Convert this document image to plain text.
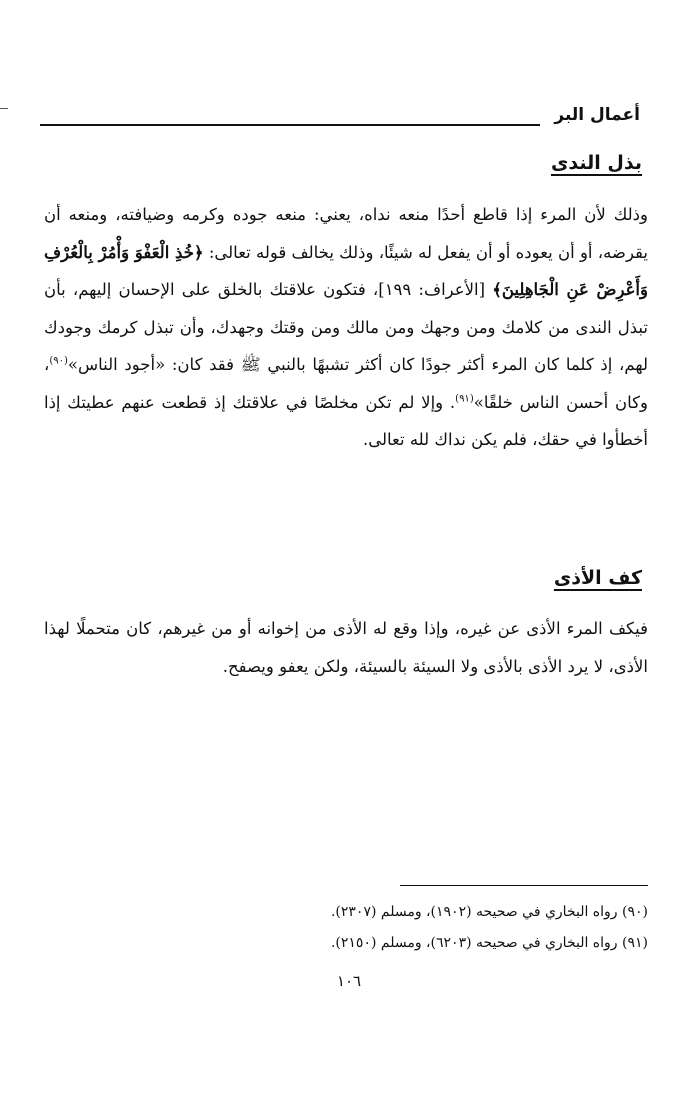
أعمال البر
بذل الندى

وذلك لأن المرء إذا قاطع أحدًا منعه نداه، يعني: منعه جوده وكرمه وضيافته، ومنعه أن يقرضه، أو أن يعوده أو أن يفعل له شيئًا، وذلك يخالف قوله تعالى: ﴿خُذِ الْعَفْوَ وَأْمُرْ بِالْعُرْفِ وَأَعْرِضْ عَنِ الْجَاهِلِينَ﴾ [الأعراف: ١٩٩]، فتكون علاقتك بالخلق على الإحسان إليهم، بأن تبذل الندى من كلامك ومن وجهك ومن مالك ومن وقتك وجهدك، وأن تبذل كرمك وجودك لهم، إذ كلما كان المرء أكثر جودًا كان أكثر تشبهًا بالنبي ﷺ فقد كان: «أجود الناس»$^{(٩٠)}$، وكان أحسن الناس خلقًا»$^{(٩١)}$. وإلا لم تكن مخلصًا في علاقتك إذ قطعت عنهم عطيتك إذا أخطأوا في حقك، فلم يكن نداك لله تعالى.

كف الأذى

فيكف المرء الأذى عن غيره، وإذا وقع له الأذى من إخوانه أو من غيرهم، كان متحملًا لهذا الأذى، لا يرد الأذى بالأذى ولا السيئة بالسيئة، ولكن يعفو ويصفح.

(٩٠) رواه البخاري في صحيحه (١٩٠٢)، ومسلم (٢٣٠٧).
(٩١) رواه البخاري في صحيحه (٦٢٠٣)، ومسلم (٢١٥٠).
١٠٦
